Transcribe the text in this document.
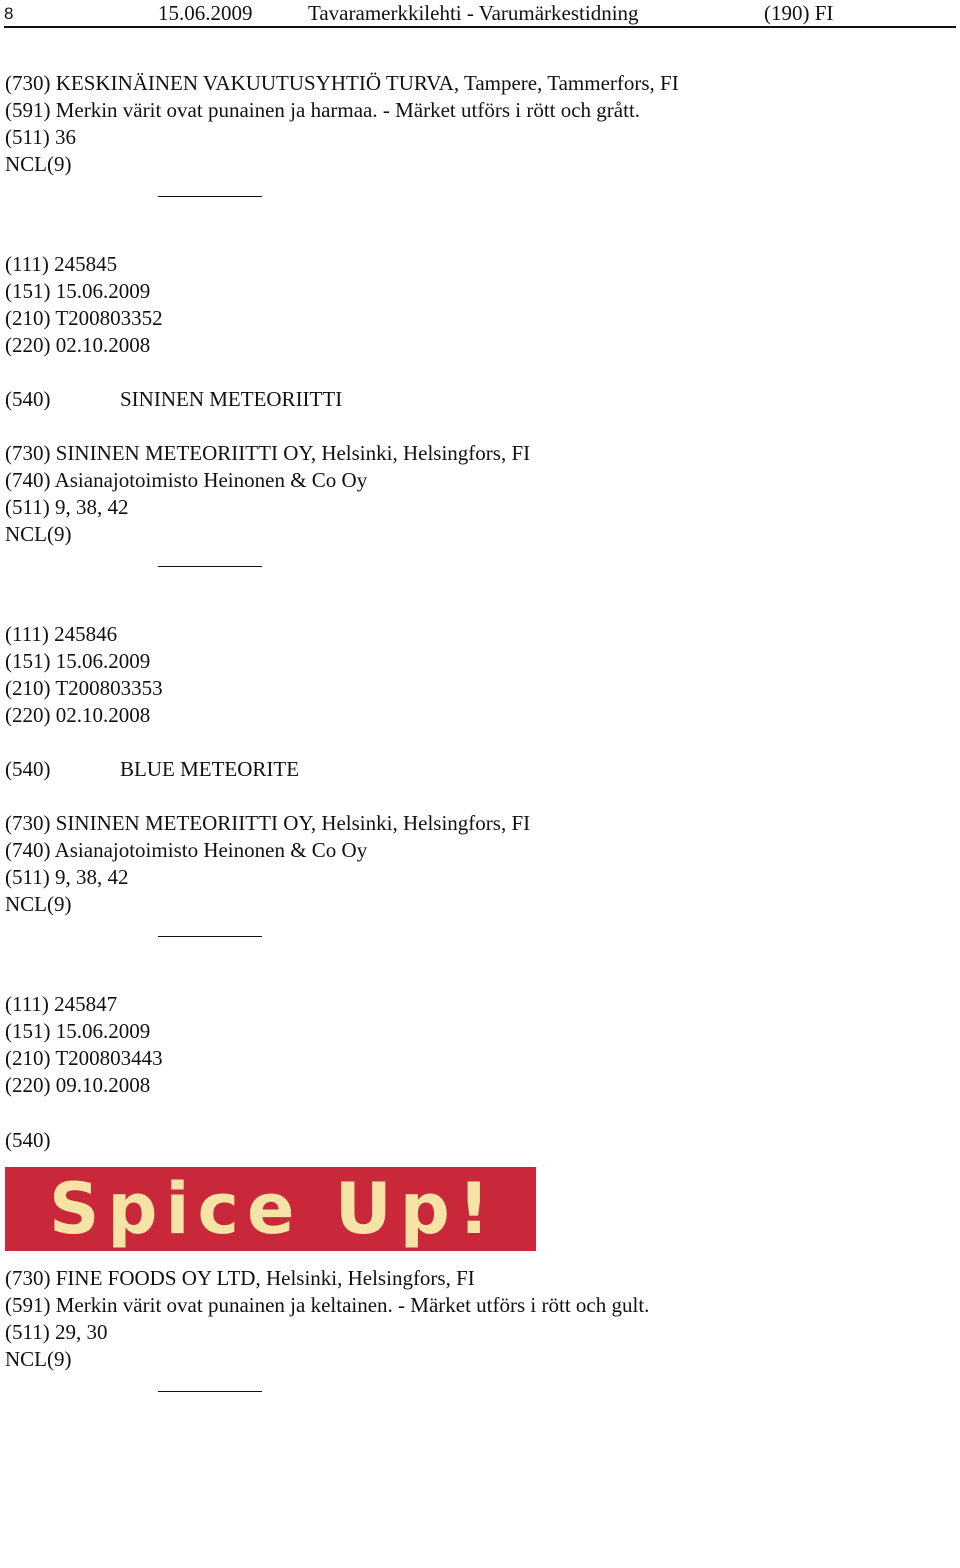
8	15.06.2009	Tavaramerkkilehti - Varumärkestidning	(190) FI
(730) KESKINÄINEN VAKUUTUSYHTIÖ TURVA, Tampere, Tammerfors, FI
(591) Merkin värit ovat punainen ja harmaa. - Märket utförs i rött och grått.
(511) 36
NCL(9)
(111) 245845
(151) 15.06.2009
(210) T200803352
(220) 02.10.2008
(540)	SININEN METEORIITTI
(730) SININEN METEORIITTI OY, Helsinki, Helsingfors, FI
(740) Asianajotoimisto Heinonen & Co Oy
(511) 9, 38, 42
NCL(9)
(111) 245846
(151) 15.06.2009
(210) T200803353
(220) 02.10.2008
(540)	BLUE METEORITE
(730) SININEN METEORIITTI OY, Helsinki, Helsingfors, FI
(740) Asianajotoimisto Heinonen & Co Oy
(511) 9, 38, 42
NCL(9)
(111) 245847
(151) 15.06.2009
(210) T200803443
(220) 09.10.2008
(540)
Spice Up!
(730) FINE FOODS OY LTD, Helsinki, Helsingfors, FI
(591) Merkin värit ovat punainen ja keltainen. - Märket utförs i rött och gult.
(511) 29, 30
NCL(9)
